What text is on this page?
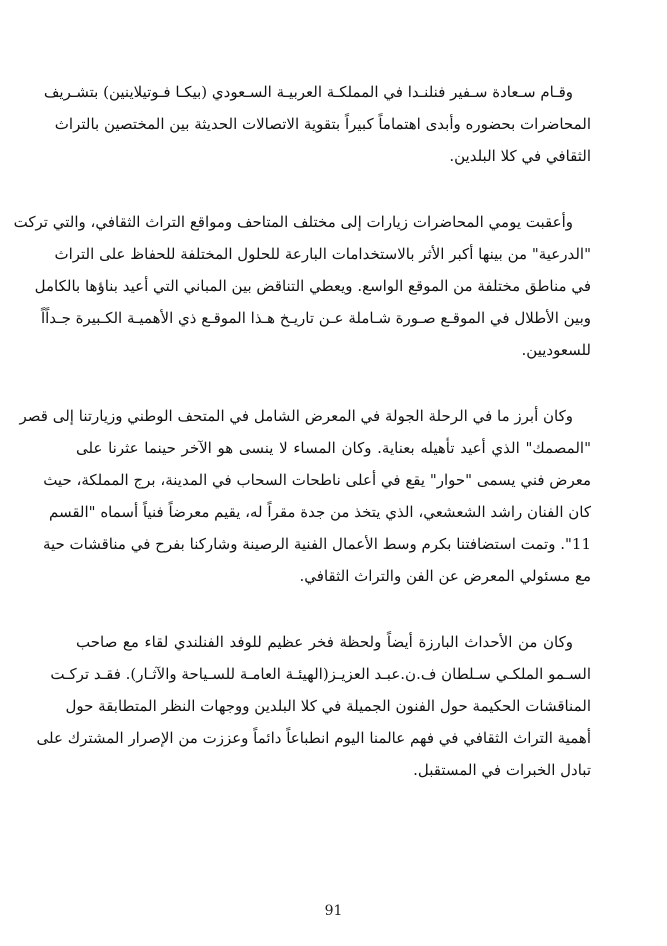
وقـام سـعادة سـفير فنلنـدا في المملكـة العربيـة السـعودي (بيكـا فـوتيلاينين) بتشـريف
المحاضرات بحضوره وأبدى اهتماماً كبيراً بتقوية الاتصالات الحديثة بين المختصين بالتراث
الثقافي في كلا البلدين.

وأعقبت يومي المحاضرات زيارات إلى مختلف المتاحف ومواقع التراث الثقافي، والتي تركت
"الدرعية" من بينها أكبر الأثر بالاستخدامات البارعة للحلول المختلفة للحفاظ على التراث
في مناطق مختلفة من الموقع الواسع. ويعطي التناقض بين المباني التي أعيد بناؤها بالكامل
وبين الأطلال في الموقـع صـورة شـاملة عـن تاريـخ هـذا الموقـع ذي الأهميـة الكـبيرة جـداًاً
للسعوديين.

وكان أبرز ما في الرحلة الجولة في المعرض الشامل في المتحف الوطني وزيارتنا إلى قصر
"المصمك" الذي أعيد تأهيله بعناية. وكان المساء لا ينسى هو الآخر حينما عثرنا على
معرض فني يسمى "حوار" يقع في أعلى ناطحات السحاب في المدينة، برج المملكة، حيث
كان الفنان راشد الشعشعي، الذي يتخذ من جدة مقراً له، يقيم معرضاً فنياً أسماه "القسم
11". وتمت استضافتنا بكرم وسط الأعمال الفنية الرصينة وشاركنا بفرح في مناقشات حية
مع مسئولي المعرض عن الفن والتراث الثقافي.

وكان من الأحداث البارزة أيضاً ولحظة فخر عظيم للوفد الفنلندي لقاء مع صاحب
السـمو الملكـي سـلطان ف.ن.عبـد العزيـز(الهيئـة العامـة للسـياحة والآثـار). فقـد تركـت
المناقشات الحكيمة حول الفنون الجميلة في كلا البلدين ووجهات النظر المتطابقة حول
أهمية التراث الثقافي في فهم عالمنا اليوم انطباعاً دائماً وعززت من الإصرار المشترك على
تبادل الخبرات في المستقبل.

91
